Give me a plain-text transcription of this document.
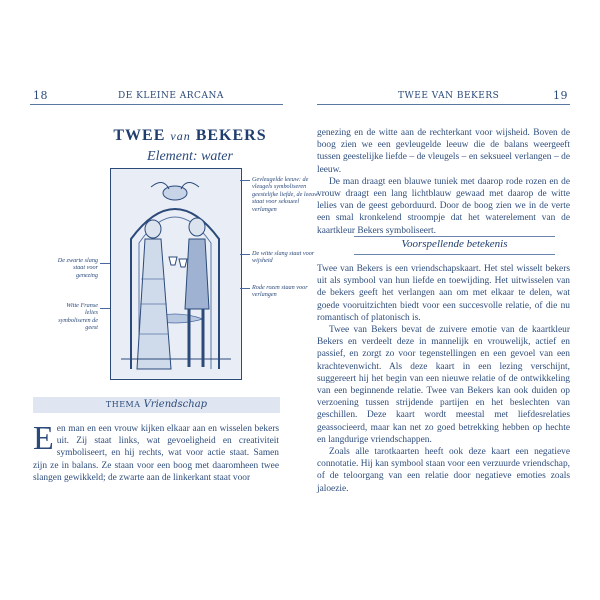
18	DE KLEINE ARCANA	TWEE VAN BEKERS	19
TWEE van BEKERS
Element: water
Gevleugelde leeuw: de vleugels symboliseren geestelijke liefde, de leeuw staat voor seksueel verlangen
De witte slang staat voor wijsheid
Rode rozen staan voor verlangen
De zwarte slang staat voor genezing
Witte Franse lelies symboliseren de geest
THEMA Vriendschap

Een man en een vrouw kijken elkaar aan en wisselen bekers uit. Zij staat links, wat gevoeligheid en creativiteit symboliseert, en hij rechts, wat voor actie staat. Samen zijn ze in balans. Ze staan voor een boog met daaromheen twee slangen gewikkeld; de zwarte aan de linkerkant staat voor

genezing en de witte aan de rechterkant voor wijsheid. Boven de boog zien we een gevleugelde leeuw die de balans weergeeft tussen geestelijke liefde – de vleugels – en seksueel verlangen – de leeuw.

De man draagt een blauwe tuniek met daarop rode rozen en de vrouw draagt een lang lichtblauw gewaad met daarop de witte lelies van de geest geborduurd. Door de boog zien we in de verte een smal kronkelend stroompje dat het waterelement van de kaartkleur Bekers symboliseert.

Voorspellende betekenis

Twee van Bekers is een vriendschapskaart. Het stel wisselt bekers uit als symbool van hun liefde en toewijding. Het uitwisselen van de bekers geeft het verlangen aan om met elkaar te delen, wat goede vooruitzichten biedt voor een succesvolle relatie, of die nu romantisch of platonisch is.

Twee van Bekers bevat de zuivere emotie van de kaartkleur Bekers en verdeelt deze in mannelijk en vrouwelijk, actief en passief, en zorgt zo voor tegenstellingen en een gevoel van een krachtevenwicht. Als deze kaart in een lezing verschijnt, suggereert hij het begin van een nieuwe relatie of de ontwikkeling van een beginnende relatie. Twee van Bekers kan ook duiden op verzoening tussen strijdende partijen en het beslechten van geschillen. Deze kaart wordt meestal met liefdesrelaties geassocieerd, maar kan net zo goed betrekking hebben op hechte en langdurige vriendschappen.

Zoals alle tarotkaarten heeft ook deze kaart een negatieve connotatie. Hij kan symbool staan voor een verzuurde vriendschap, of de teloorgang van een relatie door negatieve emoties zoals jaloezie.
